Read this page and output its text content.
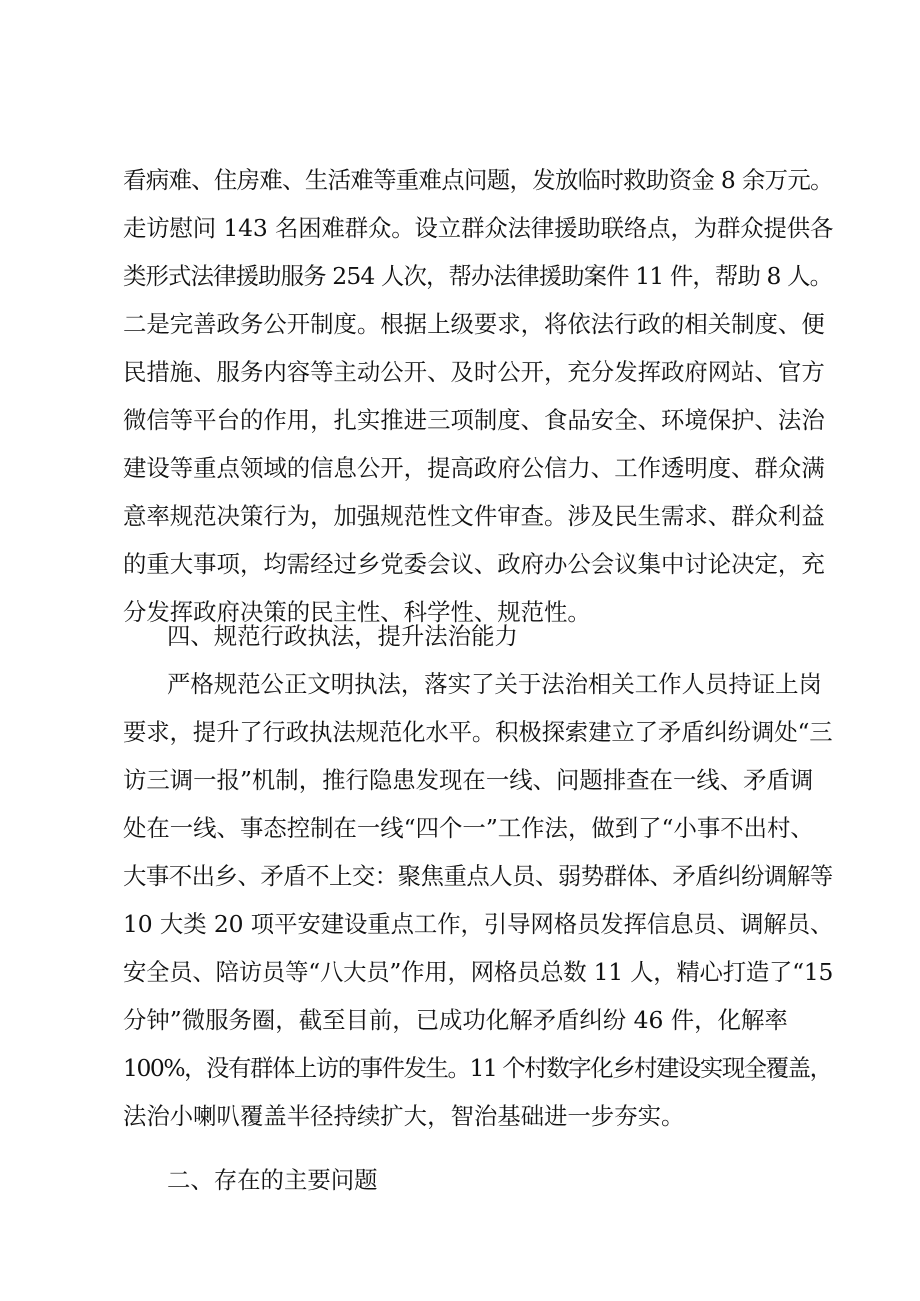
看病难、住房难、生活难等重难点问题，发放临时救助资金 8 余万元。
走访慰问 143 名困难群众。设立群众法律援助联络点，为群众提供各
类形式法律援助服务 254 人次，帮办法律援助案件 11 件，帮助 8 人。
二是完善政务公开制度。根据上级要求，将依法行政的相关制度、便
民措施、服务内容等主动公开、及时公开，充分发挥政府网站、官方
微信等平台的作用，扎实推进三项制度、食品安全、环境保护、法治
建设等重点领域的信息公开，提高政府公信力、工作透明度、群众满
意率规范决策行为，加强规范性文件审查。涉及民生需求、群众利益
的重大事项，均需经过乡党委会议、政府办公会议集中讨论决定，充
分发挥政府决策的民主性、科学性、规范性。
四、规范行政执法，提升法治能力
严格规范公正文明执法，落实了关于法治相关工作人员持证上岗
要求，提升了行政执法规范化水平。积极探索建立了矛盾纠纷调处“三
访三调一报”机制，推行隐患发现在一线、问题排查在一线、矛盾调
处在一线、事态控制在一线“四个一”工作法，做到了“小事不出村、
大事不出乡、矛盾不上交：聚焦重点人员、弱势群体、矛盾纠纷调解等
10 大类 20 项平安建设重点工作，引导网格员发挥信息员、调解员、
安全员、陪访员等“八大员”作用，网格员总数 11 人，精心打造了“15
分钟”微服务圈，截至目前，已成功化解矛盾纠纷 46 件，化解率
100%，没有群体上访的事件发生。11 个村数字化乡村建设实现全覆盖，
法治小喇叭覆盖半径持续扩大，智治基础进一步夯实。
二、存在的主要问题
